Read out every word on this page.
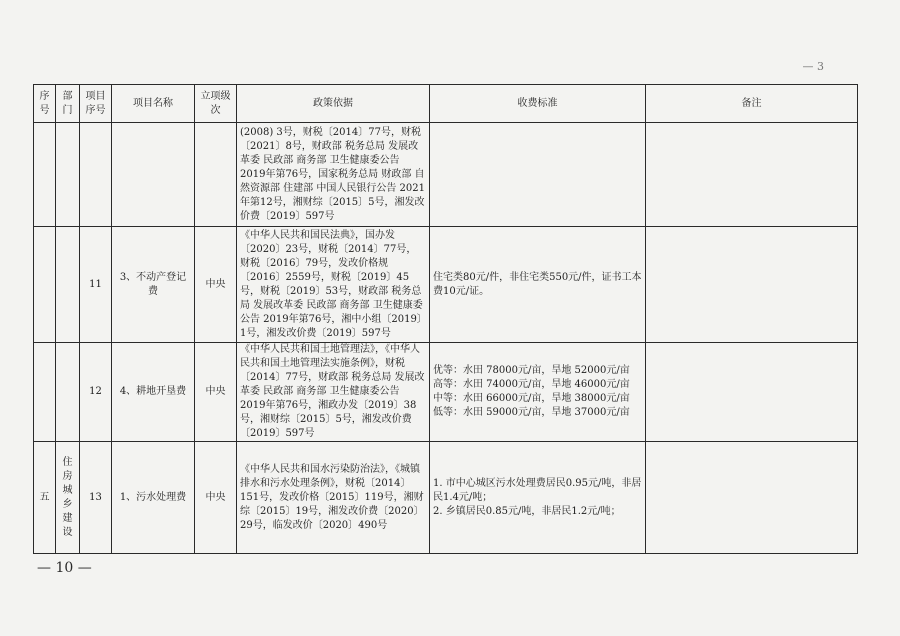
— 3
序号	部门	项目序号	项目名称	立项级次	政策依据	收费标准	备注
					(2008) 3号，财税〔2014〕77号，财税〔2021〕8号，财政部 税务总局 发展改革委 民政部 商务部 卫生健康委公告 2019年第76号，国家税务总局 财政部 自然资源部 住建部 中国人民银行公告 2021年第12号，湘财综〔2015〕5号，湘发改价费〔2019〕597号		
		11	3、不动产登记费	中央	《中华人民共和国民法典》，国办发〔2020〕23号，财税〔2014〕77号，财税〔2016〕79号，发改价格规〔2016〕2559号，财税〔2019〕45号，财税〔2019〕53号，财政部 税务总局 发展改革委 民政部 商务部 卫生健康委公告 2019年第76号，湘中小组〔2019〕1号，湘发改价费〔2019〕597号	住宅类80元/件，非住宅类550元/件，证书工本费10元/证。	
		12	4、耕地开垦费	中央	《中华人民共和国土地管理法》，《中华人民共和国土地管理法实施条例》，财税〔2014〕77号，财政部 税务总局 发展改革委 民政部 商务部 卫生健康委公告 2019年第76号，湘政办发〔2019〕38号，湘财综〔2015〕5号，湘发改价费〔2019〕597号	优等：水田 78000元/亩，旱地 52000元/亩
高等：水田 74000元/亩，旱地 46000元/亩
中等：水田 66000元/亩，旱地 38000元/亩
低等：水田 59000元/亩，旱地 37000元/亩	

五	住房城乡建设	13	1、污水处理费	中央	《中华人民共和国水污染防治法》，《城镇排水和污水处理条例》，财税〔2014〕151号，发改价格〔2015〕119号，湘财综〔2015〕19号，湘发改价费〔2020〕29号，临发改价〔2020〕490号	1. 市中心城区污水处理费居民0.95元/吨，非居民1.4元/吨；
2. 乡镇居民0.85元/吨，非居民1.2元/吨；	

— 10 —
